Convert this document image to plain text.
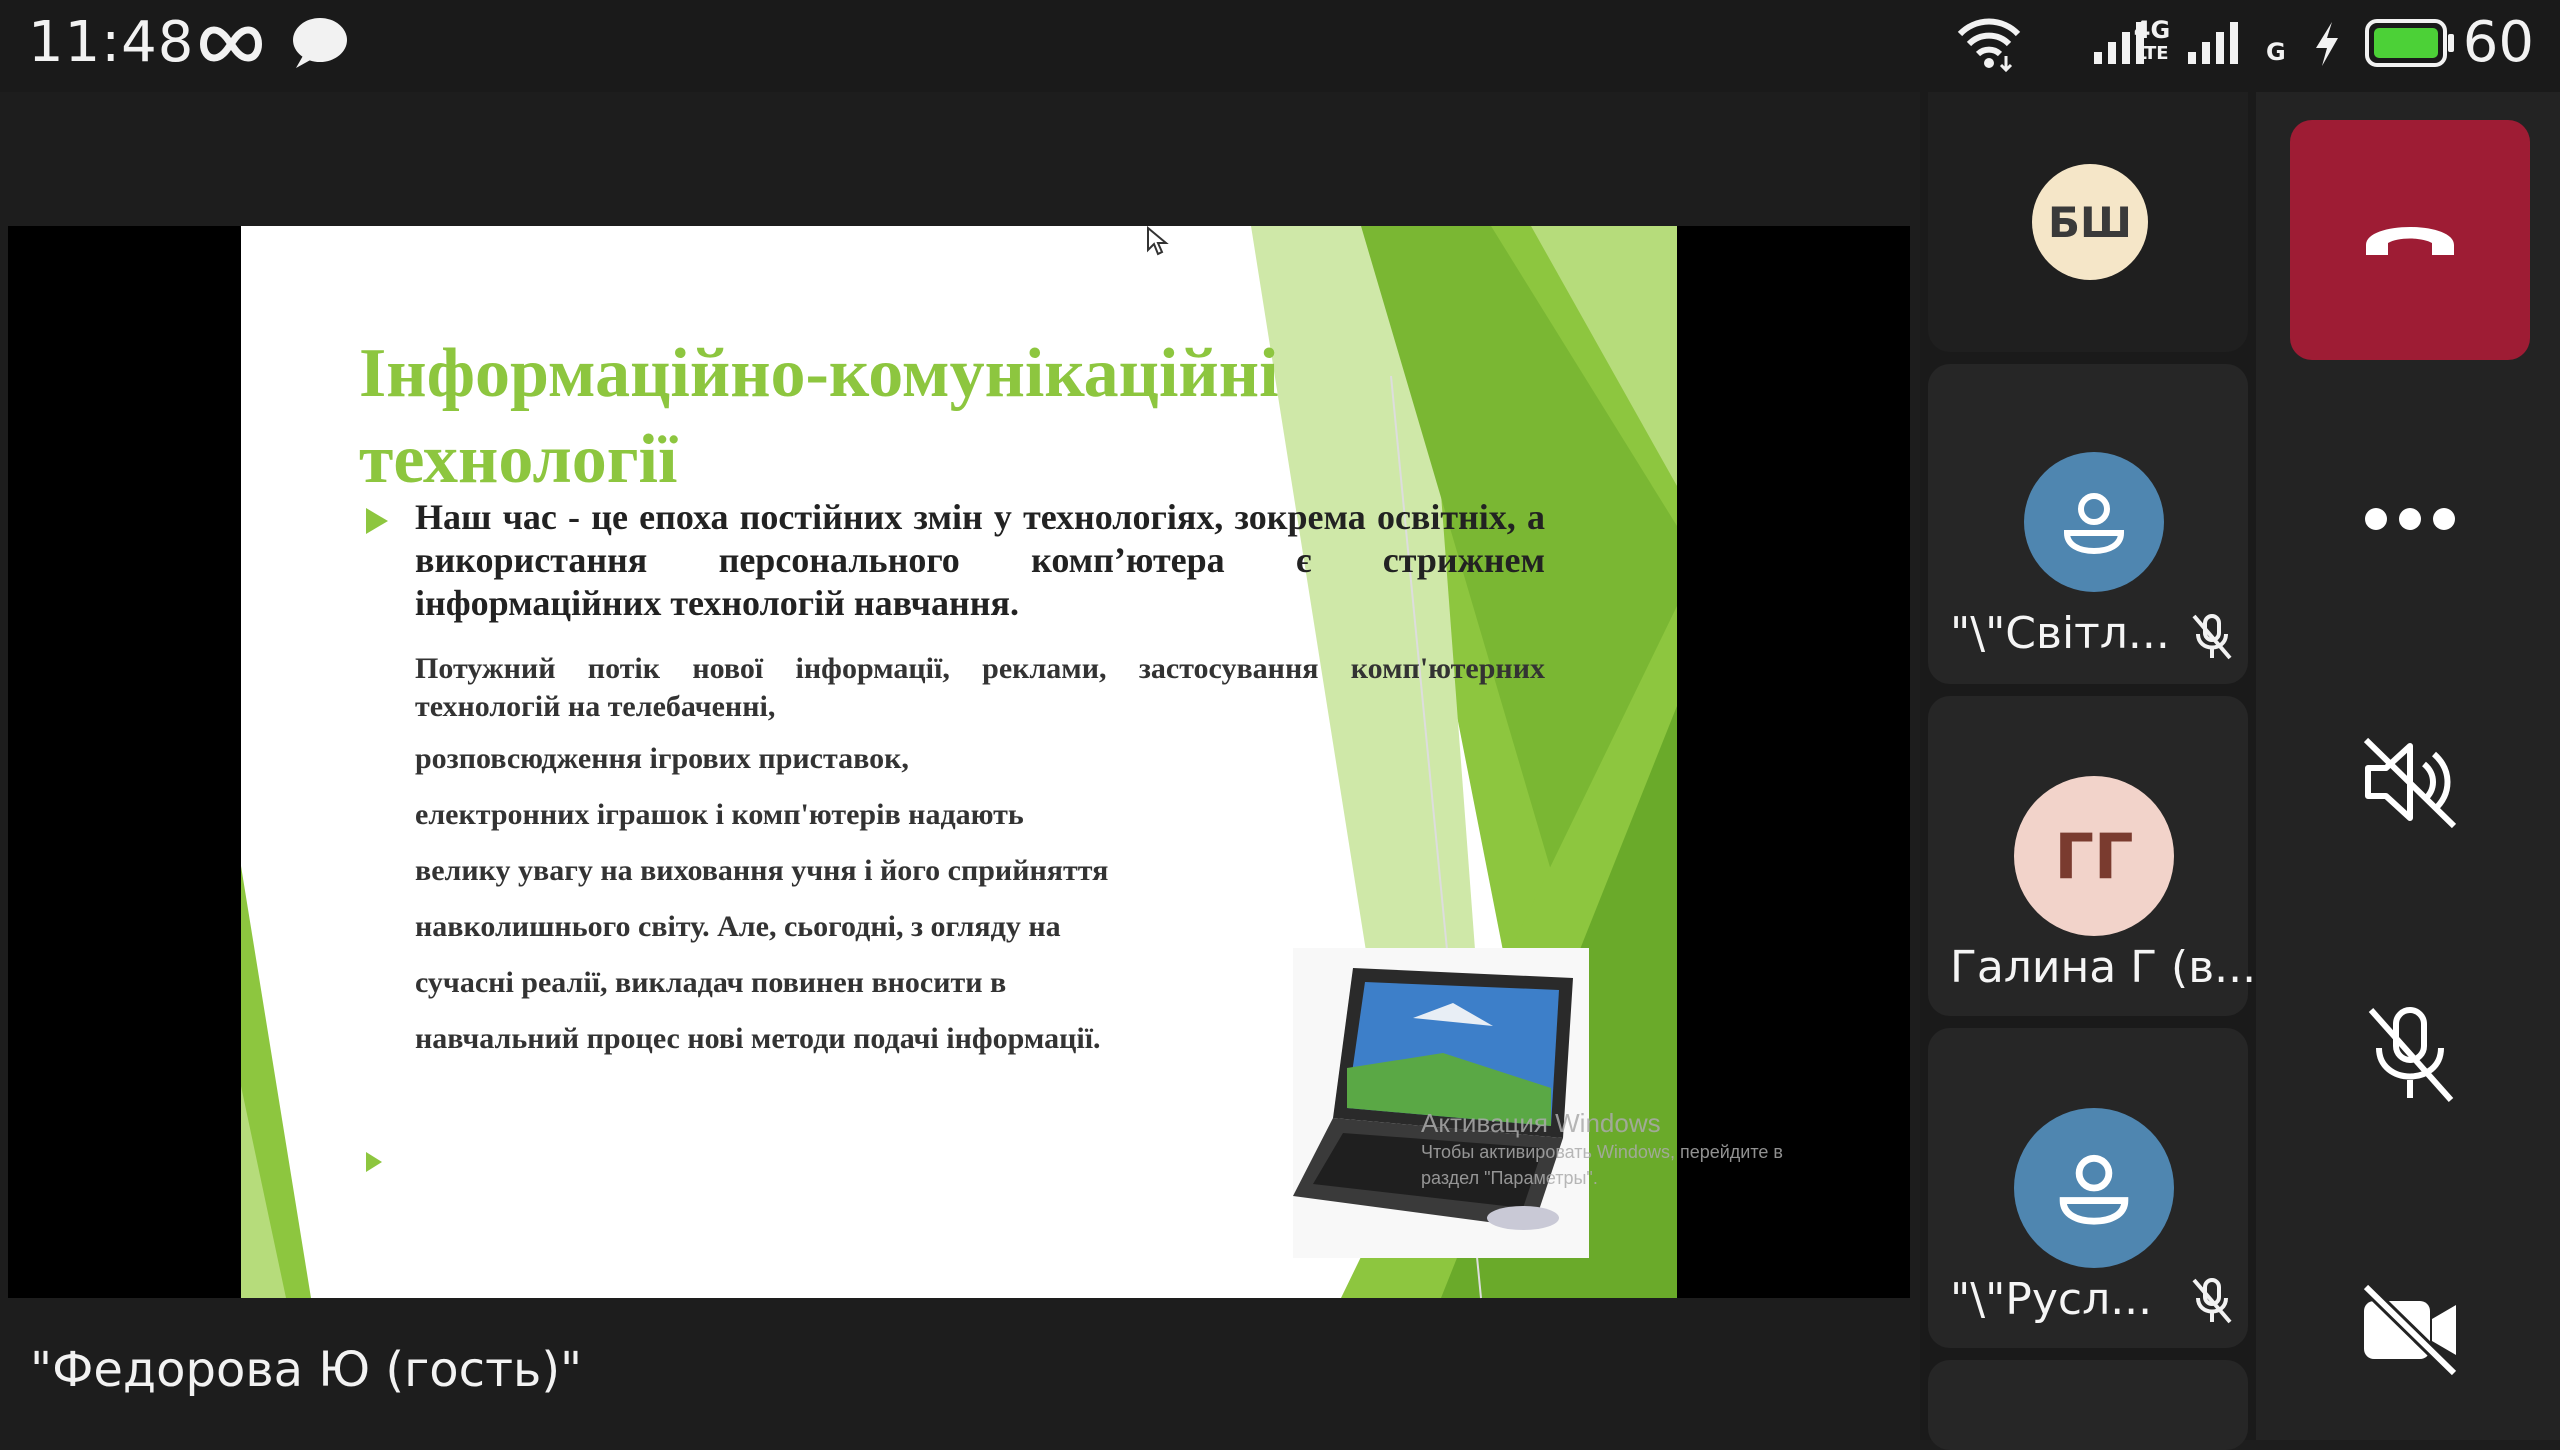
11:48	4G
LTE	G	60
Інформаційно-комунікаційні
технології
Наш час - це епоха постійних змін у технологіях, зокрема освітніх, а використання персонального комп’ютера є стрижнем інформаційних технологій навчання.
Потужний потік нової інформації, реклами, застосування комп'ютерних технологій на телебаченні,
розповсюдження ігрових приставок,
електронних іграшок і комп'ютерів надають
велику увагу на виховання учня і його сприйняття
навколишнього світу. Але, сьогодні, з огляду на
сучасні реалії, викладач повинен вносити в
навчальний процес нові методи подачі інформації.
Активация Windows
Чтобы активировать Windows, перейдите в
раздел "Параметры".
"Федорова Ю (гость)"
БШ
"\"Світл...
ГГ
Галина Г (в...
"\"Русл...
